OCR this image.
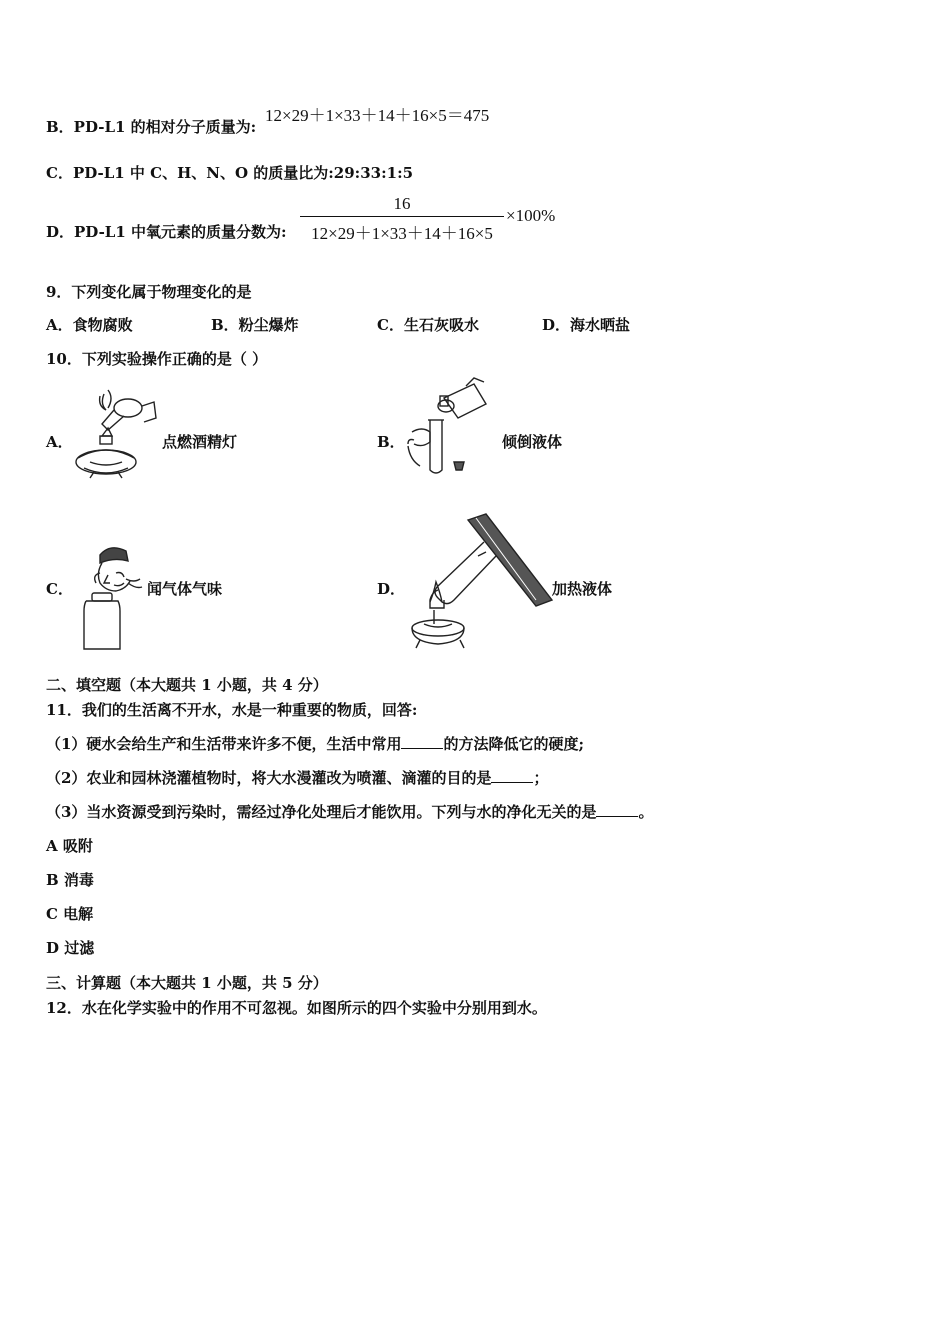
B．PD-L1 的相对分子质量为:
12×29＋1×33＋14＋16×5＝475
C．PD-L1 中 C、H、N、O 的质量比为:29:33:1:5
D．PD-L1 中氧元素的质量分数为:
16
12×29＋1×33＋14＋16×5
×100%
9．下列变化属于物理变化的是
A．食物腐败	B．粉尘爆炸	C．生石灰吸水	D．海水晒盐
10．下列实验操作正确的是（ ）
A．	点燃酒精灯	B．	倾倒液体
C．	闻气体气味	D．	加热液体
二、填空题（本大题共 1 小题，共 4 分）
11．我们的生活离不开水，水是一种重要的物质，回答:
（1）硬水会给生产和生活带来许多不便，生活中常用	的方法降低它的硬度;
（2）农业和园林浇灌植物时，将大水漫灌改为喷灌、滴灌的目的是	；
（3）当水资源受到污染时，需经过净化处理后才能饮用。下列与水的净化无关的是	。
A 吸附
B 消毒
C 电解
D 过滤
三、计算题（本大题共 1 小题，共 5 分）
12．水在化学实验中的作用不可忽视。如图所示的四个实验中分别用到水。
